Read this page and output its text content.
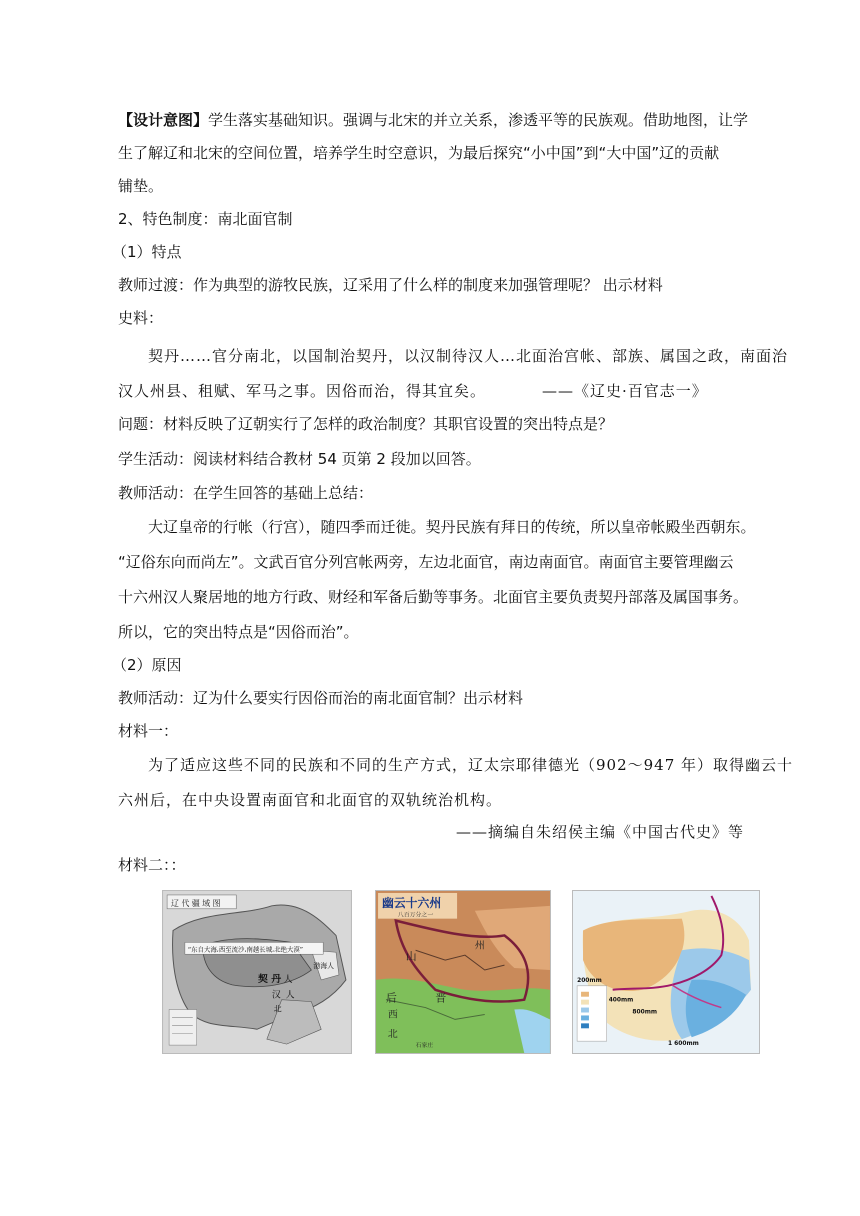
【设计意图】学生落实基础知识。强调与北宋的并立关系，渗透平等的民族观。借助地图，让学
生了解辽和北宋的空间位置，培养学生时空意识，为最后探究“小中国”到“大中国”辽的贡献
铺垫。
2、特色制度：南北面官制
（1）特点
教师过渡：作为典型的游牧民族，辽采用了什么样的制度来加强管理呢？ 出示材料
史料：
契丹……官分南北，以国制治契丹，以汉制待汉人…北面治宫帐、部族、属国之政，南面治
汉人州县、租赋、军马之事。因俗而治，得其宜矣。	——《辽史·百官志一》
问题：材料反映了辽朝实行了怎样的政治制度？其职官设置的突出特点是？
学生活动：阅读材料结合教材 54 页第 2 段加以回答。
教师活动：在学生回答的基础上总结：
大辽皇帝的行帐（行宫），随四季而迁徙。契丹民族有拜日的传统，所以皇帝帐殿坐西朝东。
“辽俗东向而尚左”。文武百官分列宫帐两旁，左边北面官，南边南面官。南面官主要管理幽云
十六州汉人聚居地的地方行政、财经和军备后勤等事务。北面官主要负责契丹部落及属国事务。
所以，它的突出特点是“因俗而治”。
（2）原因
教师活动：辽为什么要实行因俗而治的南北面官制？出示材料
材料一：
为了适应这些不同的民族和不同的生产方式，辽太宗耶律德光（902～947 年）取得幽云十
六州后，在中央设置南面官和北面官的双轨统治机构。
——摘编自朱绍侯主编《中国古代史》等
材料二：：
辽 代 疆 域 图
“东自大海,西至流沙,南越长城,北绝大漠”
契 丹 人
汉
渤海人
人
北
幽云十六州
八百万分之一
山
州
后	晋
西
北
石家庄
200mm
400mm
800mm
1 600mm
